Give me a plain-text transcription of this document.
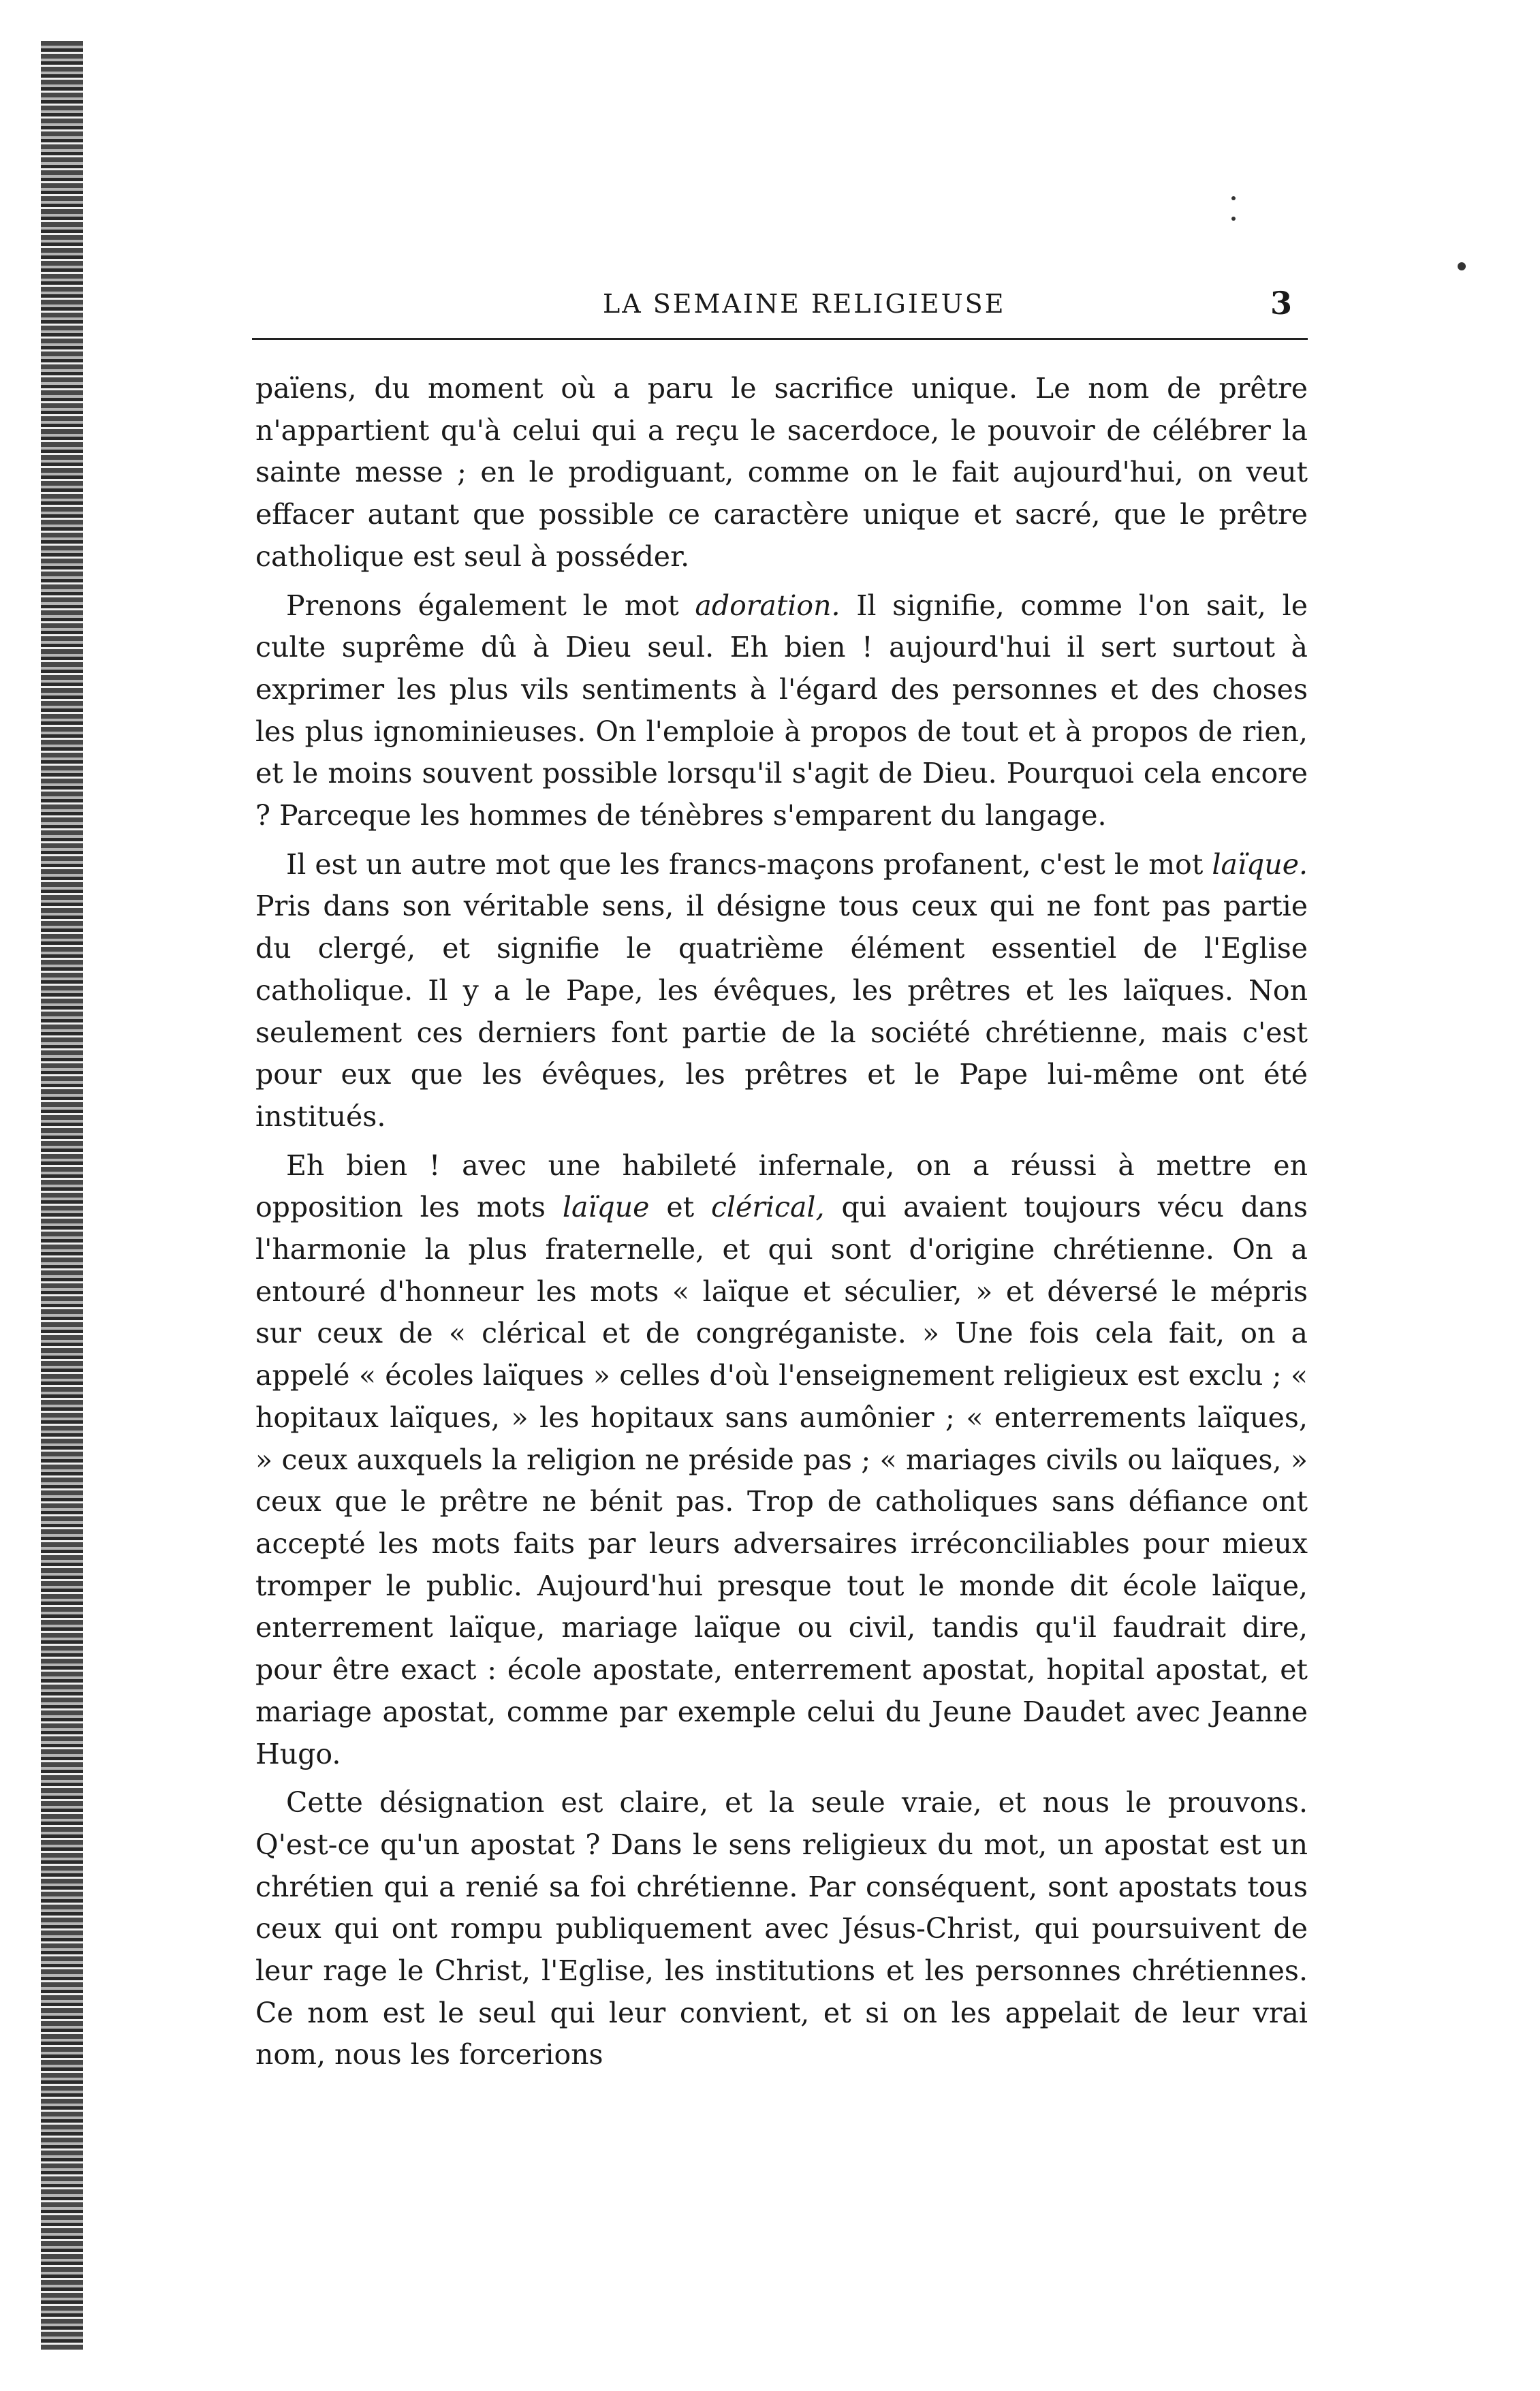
LA SEMAINE RELIGIEUSE	3

païens, du moment où a paru le sacrifice unique. Le nom de prêtre n'appartient qu'à celui qui a reçu le sacerdoce, le pouvoir de célébrer la sainte messe ; en le prodiguant, comme on le fait aujourd'hui, on veut effacer autant que possible ce caractère unique et sacré, que le prêtre catholique est seul à posséder.

Prenons également le mot adoration. Il signifie, comme l'on sait, le culte suprême dû à Dieu seul. Eh bien ! aujourd'hui il sert surtout à exprimer les plus vils sentiments à l'égard des personnes et des choses les plus ignominieuses. On l'emploie à propos de tout et à propos de rien, et le moins souvent possible lorsqu'il s'agit de Dieu. Pourquoi cela encore ? Parceque les hommes de ténèbres s'emparent du langage.

Il est un autre mot que les francs-maçons profanent, c'est le mot laïque. Pris dans son véritable sens, il désigne tous ceux qui ne font pas partie du clergé, et signifie le quatrième élément essentiel de l'Eglise catholique. Il y a le Pape, les évêques, les prêtres et les laïques. Non seulement ces derniers font partie de la société chrétienne, mais c'est pour eux que les évêques, les prêtres et le Pape lui-même ont été institués.

Eh bien ! avec une habileté infernale, on a réussi à mettre en opposition les mots laïque et clérical, qui avaient toujours vécu dans l'harmonie la plus fraternelle, et qui sont d'origine chrétienne. On a entouré d'honneur les mots « laïque et séculier, » et déversé le mépris sur ceux de « clérical et de congréganiste. » Une fois cela fait, on a appelé « écoles laïques » celles d'où l'enseignement religieux est exclu ; « hopitaux laïques, » les hopitaux sans aumônier ; « enterrements laïques, » ceux auxquels la religion ne préside pas ; « mariages civils ou laïques, » ceux que le prêtre ne bénit pas. Trop de catholiques sans défiance ont accepté les mots faits par leurs adversaires irréconciliables pour mieux tromper le public. Aujourd'hui presque tout le monde dit école laïque, enterrement laïque, mariage laïque ou civil, tandis qu'il faudrait dire, pour être exact : école apostate, enterrement apostat, hopital apostat, et mariage apostat, comme par exemple celui du Jeune Daudet avec Jeanne Hugo.

Cette désignation est claire, et la seule vraie, et nous le prouvons. Q'est-ce qu'un apostat ? Dans le sens religieux du mot, un apostat est un chrétien qui a renié sa foi chrétienne. Par conséquent, sont apostats tous ceux qui ont rompu publiquement avec Jésus-Christ, qui poursuivent de leur rage le Christ, l'Eglise, les institutions et les personnes chrétiennes. Ce nom est le seul qui leur convient, et si on les appelait de leur vrai nom, nous les forcerions
